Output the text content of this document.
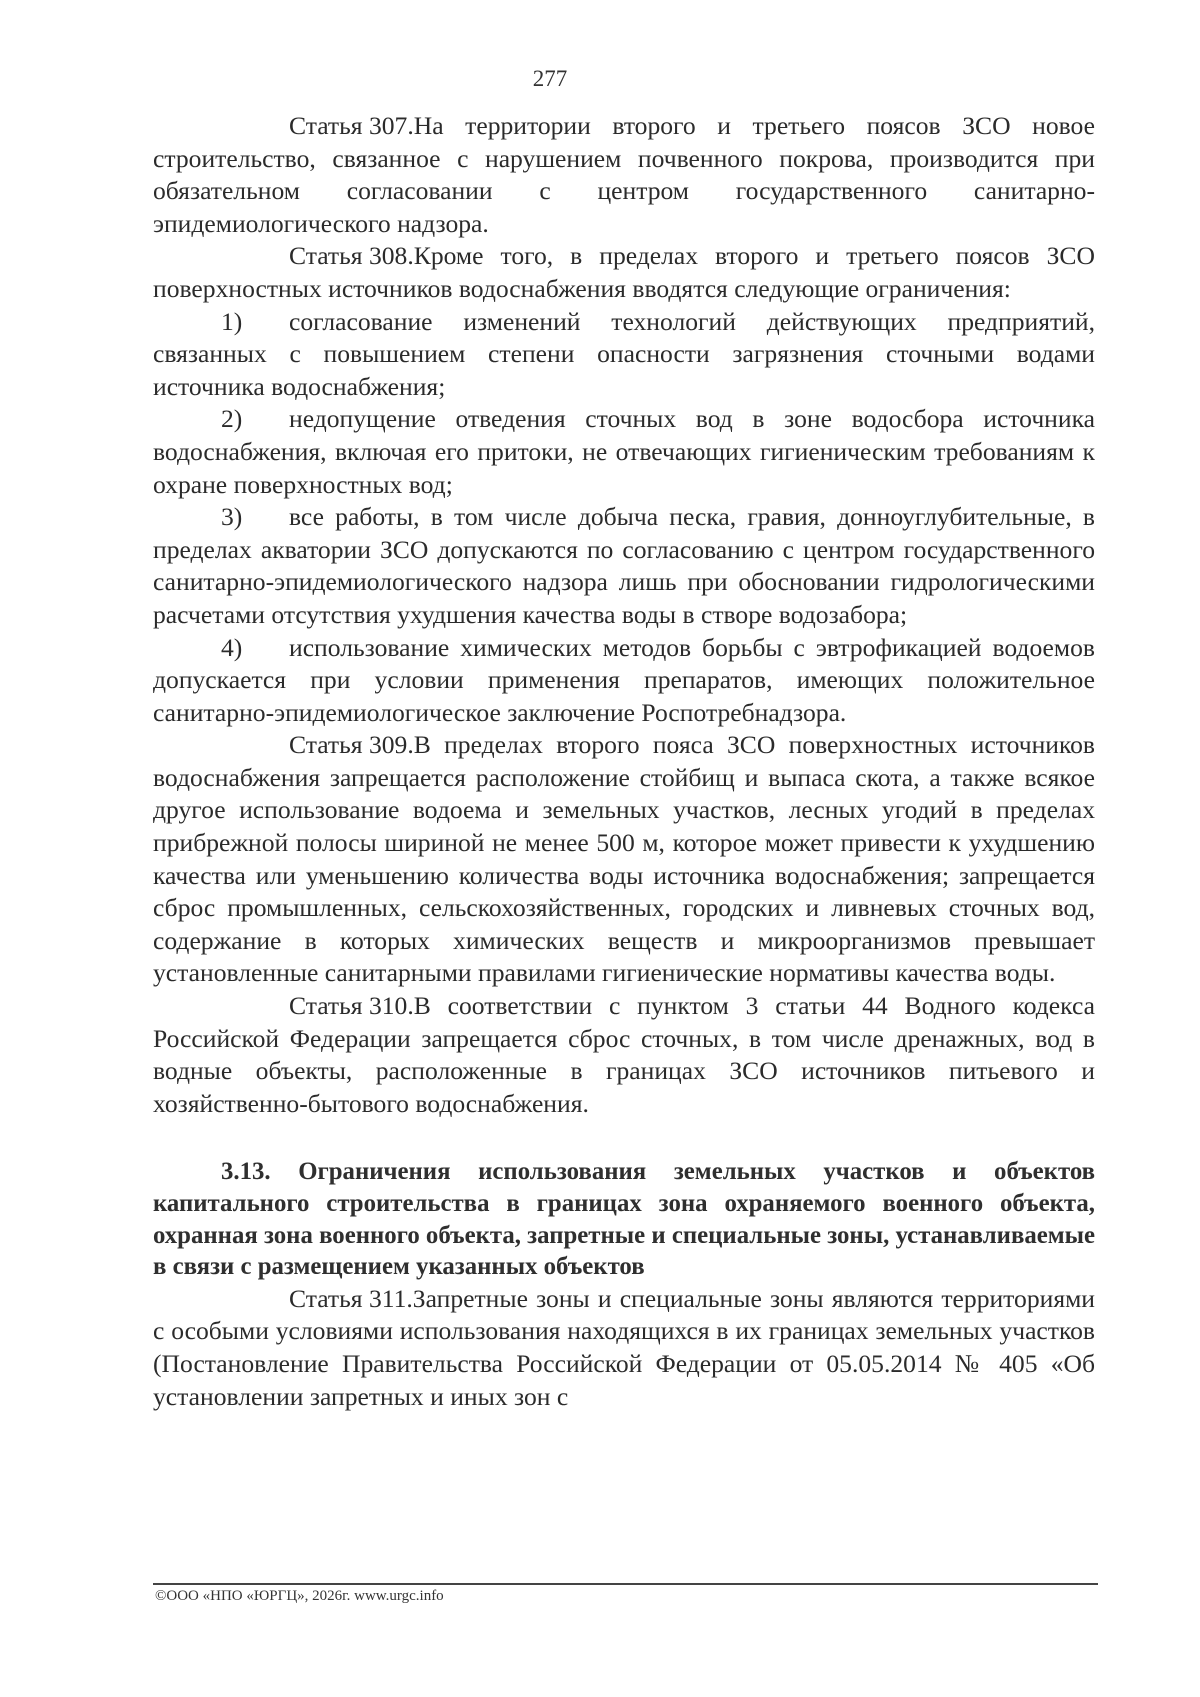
277

Статья 307.На территории второго и третьего поясов ЗСО новое строительство, связанное с нарушением почвенного покрова, производится при обязательном согласовании с центром государственного санитарно-эпидемиологического надзора.

Статья 308.Кроме того, в пределах второго и третьего поясов ЗСО поверхностных источников водоснабжения вводятся следующие ограничения:

1) согласование изменений технологий действующих предприятий, связанных с повышением степени опасности загрязнения сточными водами источника водоснабжения;

2) недопущение отведения сточных вод в зоне водосбора источника водоснабжения, включая его притоки, не отвечающих гигиеническим требованиям к охране поверхностных вод;

3) все работы, в том числе добыча песка, гравия, донноуглубительные, в пределах акватории ЗСО допускаются по согласованию с центром государственного санитарно-эпидемиологического надзора лишь при обосновании гидрологическими расчетами отсутствия ухудшения качества воды в створе водозабора;

4) использование химических методов борьбы с эвтрофикацией водоемов допускается при условии применения препаратов, имеющих положительное санитарно-эпидемиологическое заключение Роспотребнадзора.

Статья 309.В пределах второго пояса ЗСО поверхностных источников водоснабжения запрещается расположение стойбищ и выпаса скота, а также всякое другое использование водоема и земельных участков, лесных угодий в пределах прибрежной полосы шириной не менее 500 м, которое может привести к ухудшению качества или уменьшению количества воды источника водоснабжения; запрещается сброс промышленных, сельскохозяйственных, городских и ливневых сточных вод, содержание в которых химических веществ и микроорганизмов превышает установленные санитарными правилами гигиенические нормативы качества воды.

Статья 310.В соответствии с пунктом 3 статьи 44 Водного кодекса Российской Федерации запрещается сброс сточных, в том числе дренажных, вод в водные объекты, расположенные в границах ЗСО источников питьевого и хозяйственно-бытового водоснабжения.

3.13. Ограничения использования земельных участков и объектов капитального строительства в границах зона охраняемого военного объекта, охранная зона военного объекта, запретные и специальные зоны, устанавливаемые в связи с размещением указанных объектов

Статья 311.Запретные зоны и специальные зоны являются территориями с особыми условиями использования находящихся в их границах земельных участков (Постановление Правительства Российской Федерации от 05.05.2014 № 405 «Об установлении запретных и иных зон с

©ООО «НПО «ЮРГЦ», 2026г. www.urgc.info
